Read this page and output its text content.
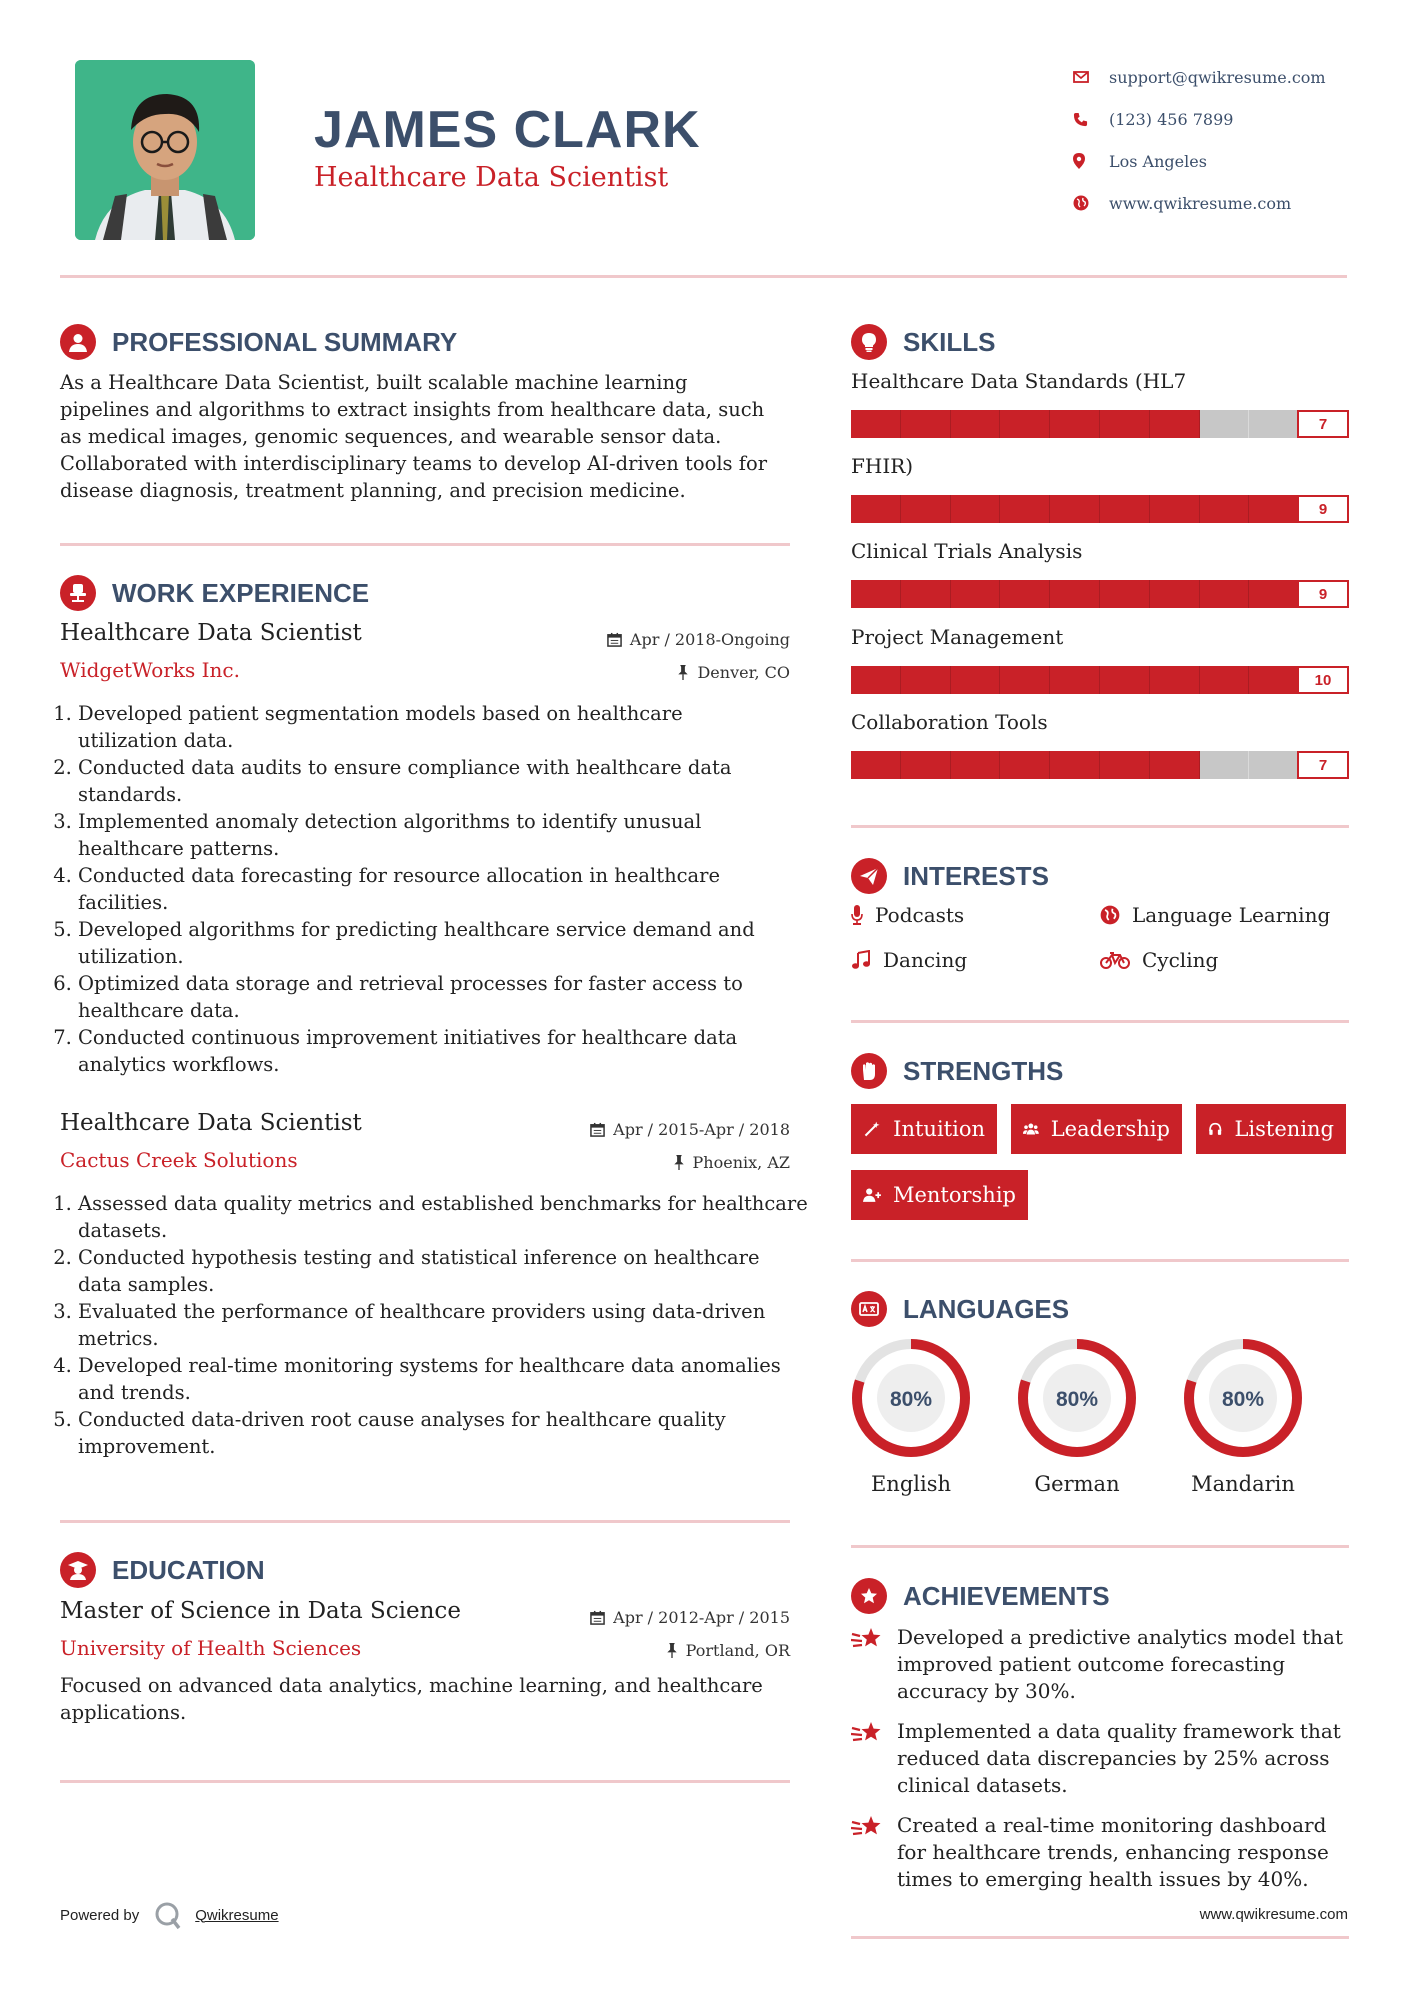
JAMES CLARK
Healthcare Data Scientist
support@qwikresume.com
(123) 456 7899
Los Angeles
www.qwikresume.com
PROFESSIONAL SUMMARY

As a Healthcare Data Scientist, built scalable machine learning pipelines and algorithms to extract insights from healthcare data, such as medical images, genomic sequences, and wearable sensor data. Collaborated with interdisciplinary teams to develop AI-driven tools for disease diagnosis, treatment planning, and precision medicine.

WORK EXPERIENCE
Healthcare Data Scientist
WidgetWorks Inc.
Apr / 2018-Ongoing
Denver, CO
1. Developed patient segmentation models based on healthcare utilization data.
2. Conducted data audits to ensure compliance with healthcare data standards.
3. Implemented anomaly detection algorithms to identify unusual healthcare patterns.
4. Conducted data forecasting for resource allocation in healthcare facilities.
5. Developed algorithms for predicting healthcare service demand and utilization.
6. Optimized data storage and retrieval processes for faster access to healthcare data.
7. Conducted continuous improvement initiatives for healthcare data analytics workflows.
Healthcare Data Scientist
Cactus Creek Solutions
Apr / 2015-Apr / 2018
Phoenix, AZ
1. Assessed data quality metrics and established benchmarks for healthcare datasets.
2. Conducted hypothesis testing and statistical inference on healthcare data samples.
3. Evaluated the performance of healthcare providers using data-driven metrics.
4. Developed real-time monitoring systems for healthcare data anomalies and trends.
5. Conducted data-driven root cause analyses for healthcare quality improvement.
EDUCATION
Master of Science in Data Science
University of Health Sciences
Apr / 2012-Apr / 2015
Portland, OR

Focused on advanced data analytics, machine learning, and healthcare applications.

SKILLS
Healthcare Data Standards (HL7
7
FHIR)
9
Clinical Trials Analysis
9
Project Management
10
Collaboration Tools
7
INTERESTS
Podcasts	Language Learning
Dancing	Cycling
STRENGTHS
Intuition	Leadership	Listening
Mentorship
LANGUAGES
80%
English
80%
German
80%
Mandarin
ACHIEVEMENTS
Developed a predictive analytics model that improved patient outcome forecasting accuracy by 30%.
Implemented a data quality framework that reduced data discrepancies by 25% across clinical datasets.
Created a real-time monitoring dashboard for healthcare trends, enhancing response times to emerging health issues by 40%.
Powered by	Qwikresume	www.qwikresume.com
